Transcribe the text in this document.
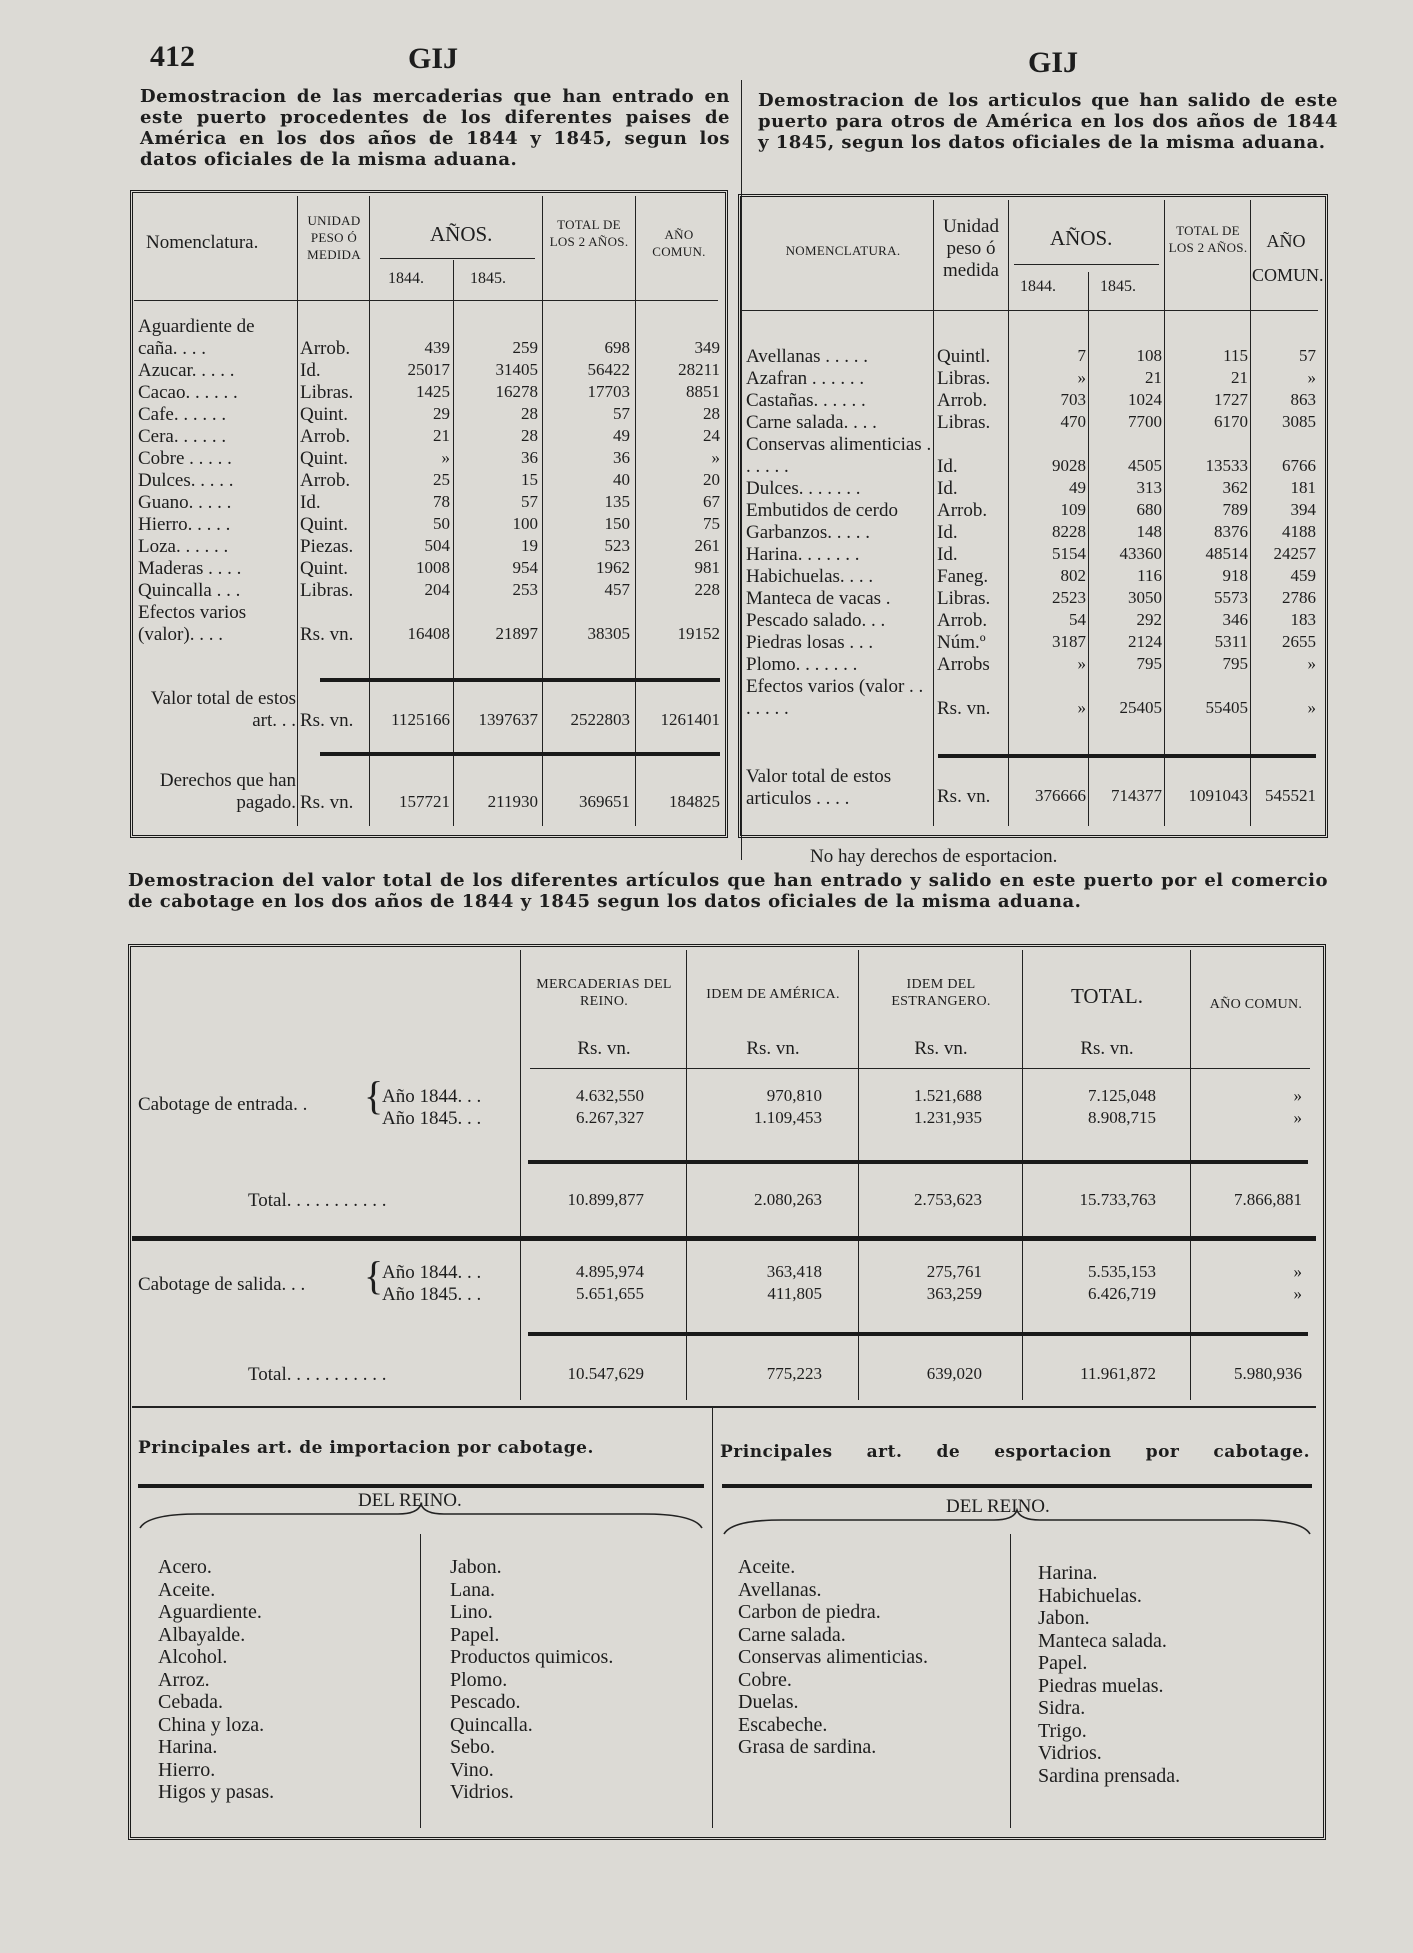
412	GIJ	GIJ
Demostracion de las mercaderias que han entrado en este puerto procedentes de los diferentes paises de América en los dos años de 1844 y 1845, segun los datos oficiales de la misma aduana.
Nomenclatura.
UNIDAD PESO Ó MEDIDA
AÑOS.
1844.	1845.
TOTAL DE LOS 2 AÑOS.	AÑO COMUN.
Aguardiente de caña. . . .	Arrob.	439	259	698	349
Azucar. . . . .	Id.	25017	31405	56422	28211
Cacao. . . . . .	Libras.	1425	16278	17703	8851
Cafe. . . . . .	Quint.	29	28	57	28
Cera. . . . . .	Arrob.	21	28	49	24
Cobre . . . . .	Quint.	»	36	36	»
Dulces. . . . .	Arrob.	25	15	40	20
Guano. . . . .	Id.	78	57	135	67
Hierro. . . . .	Quint.	50	100	150	75
Loza. . . . . .	Piezas.	504	19	523	261
Maderas . . . .	Quint.	1008	954	1962	981
Quincalla . . .	Libras.	204	253	457	228
Efectos varios (valor). . . .	Rs. vn.	16408	21897	38305	19152
Valor total de estos art. . . Rs. vn.	1125166	1397637	2522803	1261401
Derechos que han pagado. Rs. vn.	157721	211930	369651	184825
Demostracion de los articulos que han salido de este puerto para otros de América en los dos años de 1844 y 1845, segun los datos oficiales de la misma aduana.
NOMENCLATURA.
Unidad peso ó medida
AÑOS.
1844.	1845.
TOTAL DE LOS 2 AÑOS.	AÑO COMUN.
Avellanas . . . . .	Quintl.	7	108	115	57
Azafran . . . . . .	Libras.	»	21	21	»
Castañas. . . . . .	Arrob.	703	1024	1727	863
Carne salada. . . .	Libras.	470	7700	6170	3085
Conservas alimenticias . . . . . .	Id.	9028	4505	13533	6766
Dulces. . . . . . .	Id.	49	313	362	181
Embutidos de cerdo Arrob.	109	680	789	394
Garbanzos. . . . .	Id.	8228	148	8376	4188
Harina. . . . . . .	Id.	5154	43360	48514	24257
Habichuelas. . . .	Faneg.	802	116	918	459
Manteca de vacas . Libras.	2523	3050	5573	2786
Pescado salado. . .	Arrob.	54	292	346	183
Piedras losas . . .	Núm.º	3187	2124	5311	2655
Plomo. . . . . . .	Arrobs	»	795	795	»
Efectos varios (valor . . . . . . .	Rs. vn.	»	25405	55405	»
Valor total de estos articulos . . . .	Rs. vn.	376666	714377	1091043	545521
No hay derechos de esportacion.
Demostracion del valor total de los diferentes artículos que han entrado y salido en este puerto por el comercio de cabotage en los dos años de 1844 y 1845 segun los datos oficiales de la misma aduana.
MERCADERIAS DEL REINO.	IDEM DE AMÉRICA.
IDEM DEL ESTRANGERO.	TOTAL.	AÑO COMUN.
Rs. vn.	Rs. vn.	Rs. vn.	Rs. vn.
Cabotage de entrada. . {
Año 1844. . .	4.632,550	970,810	1.521,688	7.125,048	»
Año 1845. . .	6.267,327	1.109,453	1.231,935	8.908,715	»
Total. . . . . . . . . . .	10.899,877	2.080,263	2.753,623	15.733,763	7.866,881
Cabotage de salida. . . {
Año 1844. . .	4.895,974	363,418	275,761	5.535,153	»
Año 1845. . .	5.651,655	411,805	363,259	6.426,719	»
Total. . . . . . . . . . .	10.547,629	775,223	639,020	11.961,872	5.980,936
Principales art. de importacion por cabotage.	Principales art. de esportacion por cabotage.
DEL REINO.	DEL REINO.
Acero.
Aceite.
Aguardiente.
Albayalde.
Alcohol.
Arroz.
Cebada.
China y loza.
Harina.
Hierro.
Higos y pasas.
Jabon.
Lana.
Lino.
Papel.
Productos quimicos.
Plomo.
Pescado.
Quincalla.
Sebo.
Vino.
Vidrios.
Aceite.
Avellanas.
Carbon de piedra.
Carne salada.
Conservas alimenticias.
Cobre.
Duelas.
Escabeche.
Grasa de sardina.
Harina.
Habichuelas.
Jabon.
Manteca salada.
Papel.
Piedras muelas.
Sidra.
Trigo.
Vidrios.
Sardina prensada.
